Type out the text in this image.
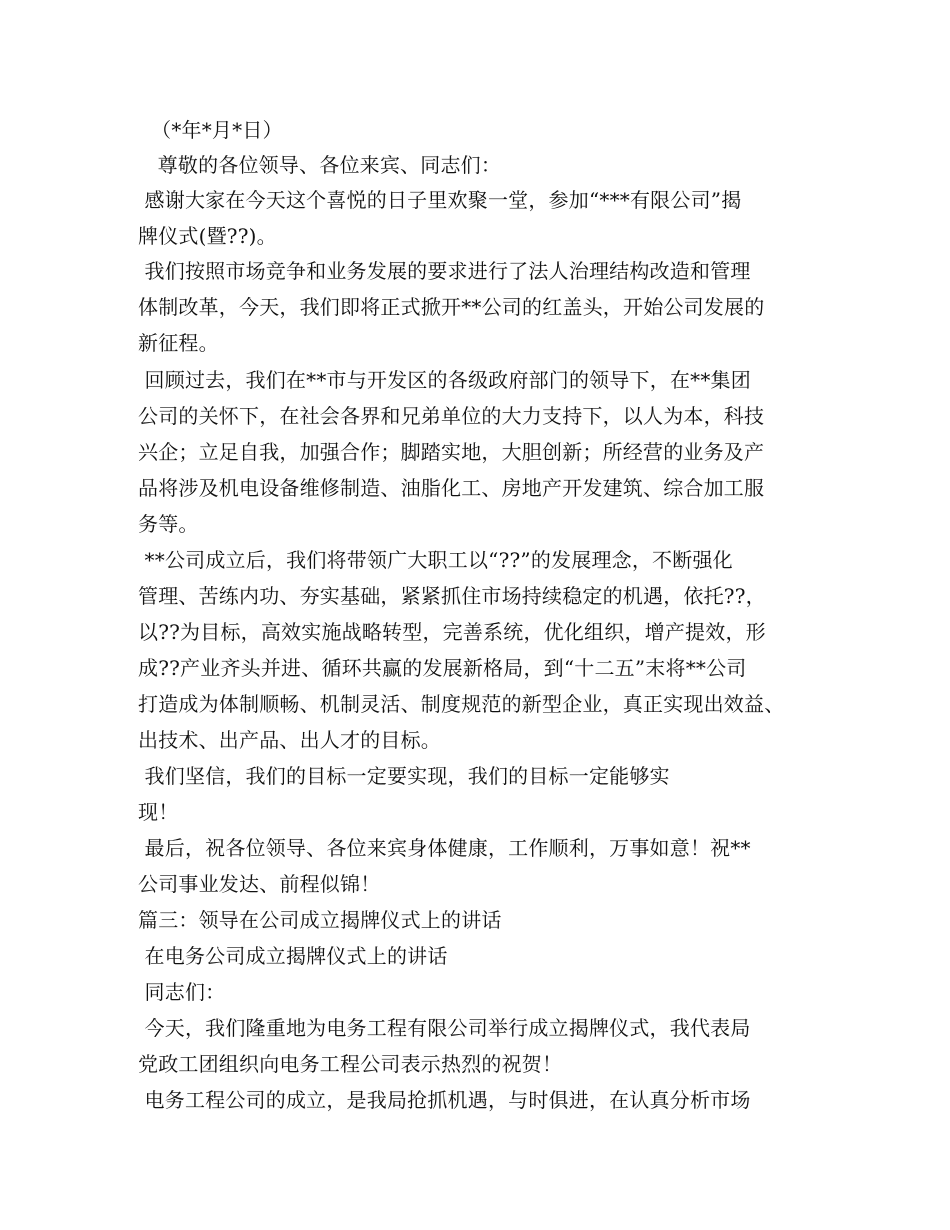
（*年*月*日）
尊敬的各位领导、各位来宾、同志们：
感谢大家在今天这个喜悦的日子里欢聚一堂，参加“***有限公司”揭
牌仪式(暨??)。
我们按照市场竞争和业务发展的要求进行了法人治理结构改造和管理
体制改革，今天，我们即将正式掀开**公司的红盖头，开始公司发展的
新征程。
回顾过去，我们在**市与开发区的各级政府部门的领导下，在**集团
公司的关怀下，在社会各界和兄弟单位的大力支持下，以人为本，科技
兴企；立足自我，加强合作；脚踏实地，大胆创新；所经营的业务及产
品将涉及机电设备维修制造、油脂化工、房地产开发建筑、综合加工服
务等。
**公司成立后，我们将带领广大职工以“??”的发展理念，不断强化
管理、苦练内功、夯实基础，紧紧抓住市场持续稳定的机遇，依托??，
以??为目标，高效实施战略转型，完善系统，优化组织，增产提效，形
成??产业齐头并进、循环共赢的发展新格局，到“十二五”末将**公司
打造成为体制顺畅、机制灵活、制度规范的新型企业，真正实现出效益、
出技术、出产品、出人才的目标。
我们坚信，我们的目标一定要实现，我们的目标一定能够实
现！
最后，祝各位领导、各位来宾身体健康，工作顺利，万事如意！祝**
公司事业发达、前程似锦！
篇三：领导在公司成立揭牌仪式上的讲话
在电务公司成立揭牌仪式上的讲话
同志们：
今天，我们隆重地为电务工程有限公司举行成立揭牌仪式，我代表局
党政工团组织向电务工程公司表示热烈的祝贺！
电务工程公司的成立，是我局抢抓机遇，与时俱进，在认真分析市场
